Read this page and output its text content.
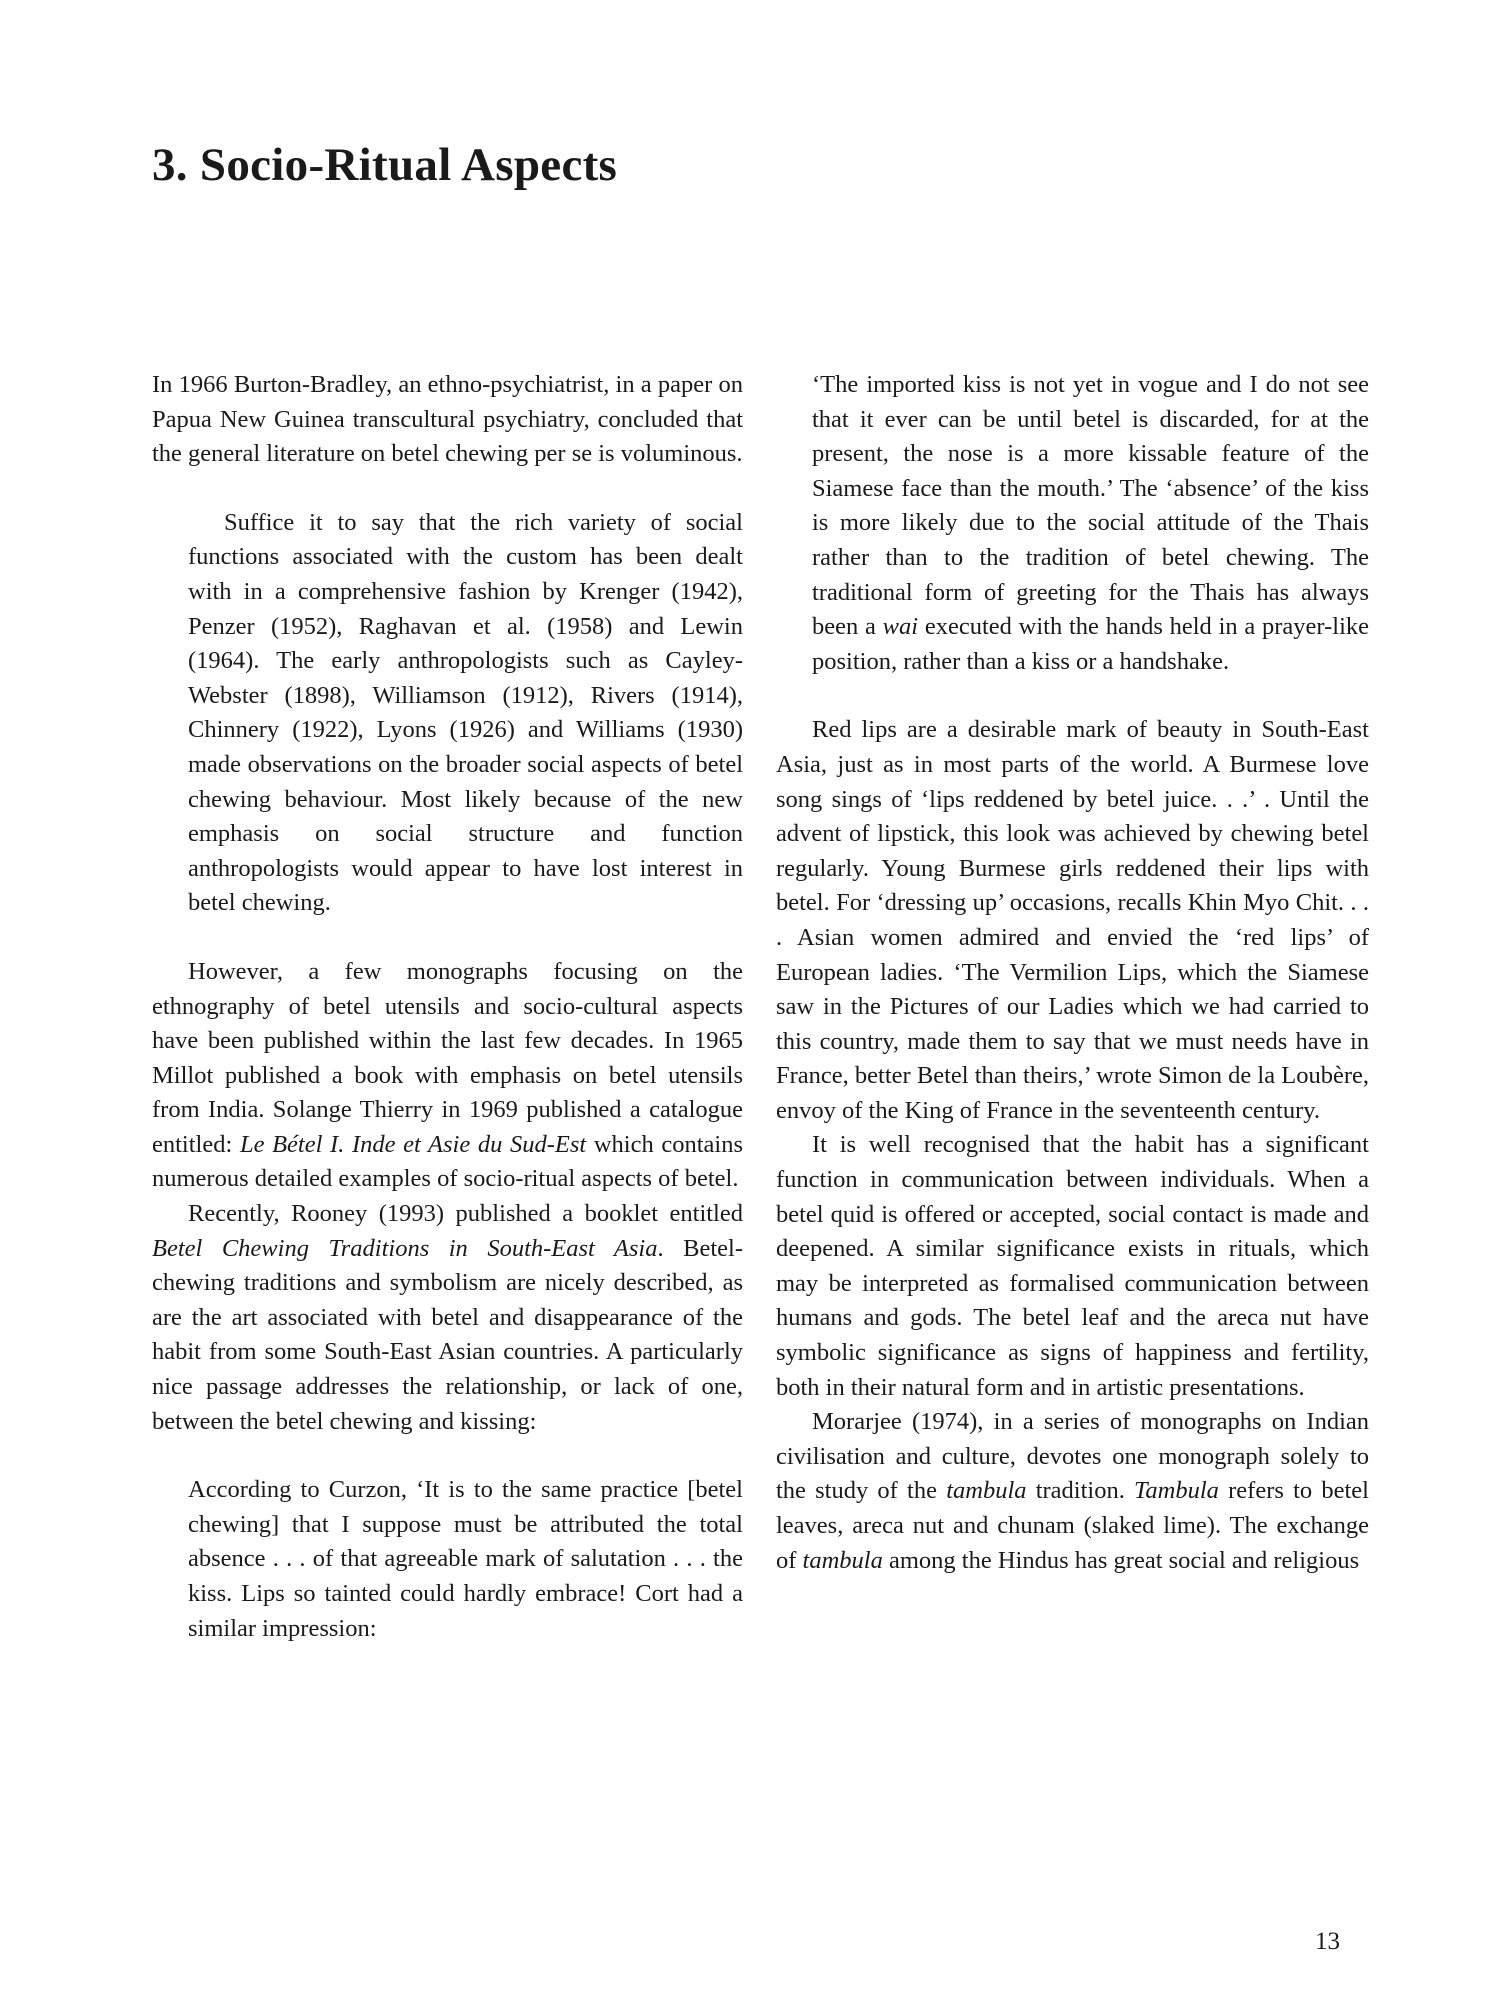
3. Socio-Ritual Aspects

In 1966 Burton-Bradley, an ethno-psychiatrist, in a paper on Papua New Guinea transcultural psychiatry, concluded that the general literature on betel chewing per se is voluminous.

Suffice it to say that the rich variety of social functions associated with the custom has been dealt with in a comprehensive fashion by Krenger (1942), Penzer (1952), Raghavan et al. (1958) and Lewin (1964). The early anthropologists such as Cayley-Webster (1898), Williamson (1912), Rivers (1914), Chinnery (1922), Lyons (1926) and Williams (1930) made observations on the broader social aspects of betel chewing behaviour. Most likely because of the new emphasis on social structure and function anthropologists would appear to have lost interest in betel chewing.

However, a few monographs focusing on the ethnography of betel utensils and socio-cultural aspects have been published within the last few decades. In 1965 Millot published a book with emphasis on betel utensils from India. Solange Thierry in 1969 published a catalogue entitled: Le Bétel I. Inde et Asie du Sud-Est which contains numerous detailed examples of socio-ritual aspects of betel.

Recently, Rooney (1993) published a booklet entitled Betel Chewing Traditions in South-East Asia. Betel-chewing traditions and symbolism are nicely described, as are the art associated with betel and disappearance of the habit from some South-East Asian countries. A particularly nice passage addresses the relationship, or lack of one, between the betel chewing and kissing:

According to Curzon, ‘It is to the same practice [betel chewing] that I suppose must be attributed the total absence . . . of that agreeable mark of salutation . . . the kiss. Lips so tainted could hardly embrace! Cort had a similar impression:

‘The imported kiss is not yet in vogue and I do not see that it ever can be until betel is discarded, for at the present, the nose is a more kissable feature of the Siamese face than the mouth.’ The ‘absence’ of the kiss is more likely due to the social attitude of the Thais rather than to the tradition of betel chewing. The traditional form of greeting for the Thais has always been a wai executed with the hands held in a prayer-like position, rather than a kiss or a handshake.

Red lips are a desirable mark of beauty in South-East Asia, just as in most parts of the world. A Burmese love song sings of ‘lips reddened by betel juice. . .’ . Until the advent of lipstick, this look was achieved by chewing betel regularly. Young Burmese girls reddened their lips with betel. For ‘dressing up’ occasions, recalls Khin Myo Chit. . . . Asian women admired and envied the ‘red lips’ of European ladies. ‘The Vermilion Lips, which the Siamese saw in the Pictures of our Ladies which we had carried to this country, made them to say that we must needs have in France, better Betel than theirs,’ wrote Simon de la Loubère, envoy of the King of France in the seventeenth century.

It is well recognised that the habit has a significant function in communication between individuals. When a betel quid is offered or accepted, social contact is made and deepened. A similar significance exists in rituals, which may be interpreted as formalised communication between humans and gods. The betel leaf and the areca nut have symbolic significance as signs of happiness and fertility, both in their natural form and in artistic presentations.

Morarjee (1974), in a series of monographs on Indian civilisation and culture, devotes one monograph solely to the study of the tambula tradition. Tambula refers to betel leaves, areca nut and chunam (slaked lime). The exchange of tambula among the Hindus has great social and religious

13
